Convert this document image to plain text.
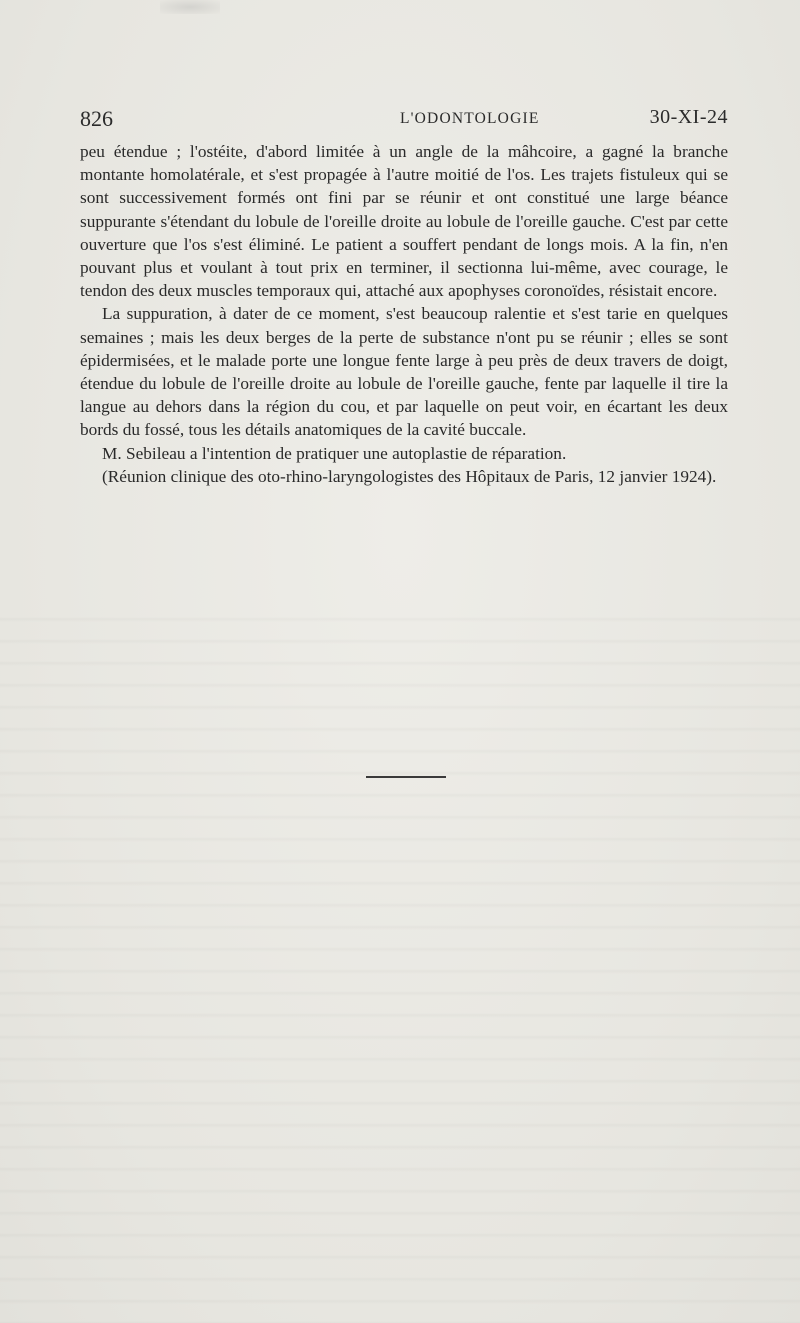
826	L'ODONTOLOGIE	30-XI-24

peu étendue ; l'ostéite, d'abord limitée à un angle de la mâhcoire, a gagné la branche montante homolatérale, et s'est propagée à l'autre moitié de l'os. Les trajets fistuleux qui se sont successivement formés ont fini par se réunir et ont constitué une large béance suppurante s'étendant du lobule de l'oreille droite au lobule de l'oreille gauche. C'est par cette ouverture que l'os s'est éliminé. Le patient a souffert pendant de longs mois. A la fin, n'en pouvant plus et voulant à tout prix en terminer, il sectionna lui-même, avec courage, le tendon des deux muscles temporaux qui, attaché aux apophyses coronoïdes, résistait encore.

La suppuration, à dater de ce moment, s'est beaucoup ralentie et s'est tarie en quelques semaines ; mais les deux berges de la perte de substance n'ont pu se réunir ; elles se sont épidermisées, et le malade porte une longue fente large à peu près de deux travers de doigt, étendue du lobule de l'oreille droite au lobule de l'oreille gauche, fente par laquelle il tire la langue au dehors dans la région du cou, et par laquelle on peut voir, en écartant les deux bords du fossé, tous les détails anatomiques de la cavité buccale.

M. Sebileau a l'intention de pratiquer une autoplastie de réparation.

(Réunion clinique des oto-rhino-laryngologistes des Hôpitaux de Paris, 12 janvier 1924).
